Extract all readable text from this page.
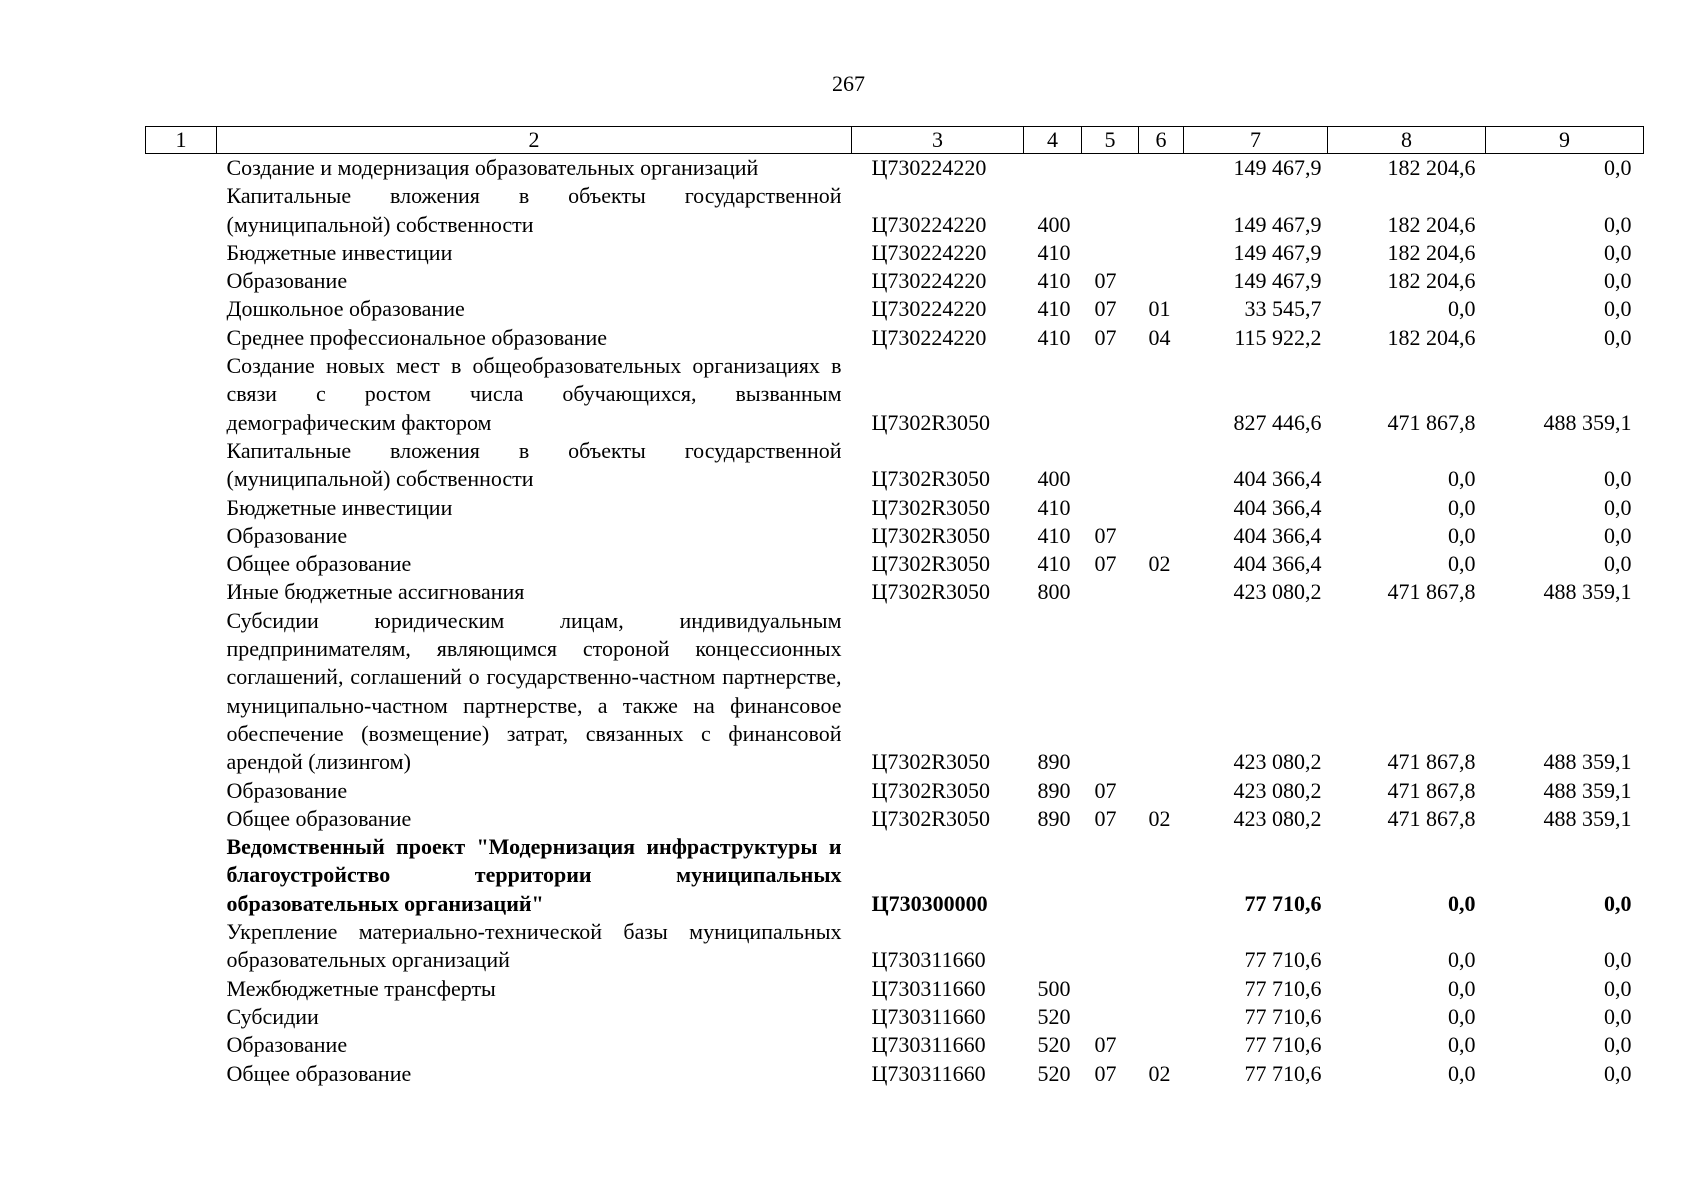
267
1	2	3	4	5	6	7	8	9
	Создание и модернизация образовательных организаций	Ц730224220				149 467,9	182 204,6	0,0
	Капитальные вложения в объекты государственной (муниципальной) собственности	Ц730224220	400			149 467,9	182 204,6	0,0
	Бюджетные инвестиции	Ц730224220	410			149 467,9	182 204,6	0,0
	Образование	Ц730224220	410	07		149 467,9	182 204,6	0,0
	Дошкольное образование	Ц730224220	410	07	01	33 545,7	0,0	0,0
	Среднее профессиональное образование	Ц730224220	410	07	04	115 922,2	182 204,6	0,0
	Создание новых мест в общеобразовательных организациях в связи с ростом числа обучающихся, вызванным демографическим фактором	Ц7302R3050				827 446,6	471 867,8	488 359,1
	Капитальные вложения в объекты государственной (муниципальной) собственности	Ц7302R3050	400			404 366,4	0,0	0,0
	Бюджетные инвестиции	Ц7302R3050	410			404 366,4	0,0	0,0
	Образование	Ц7302R3050	410	07		404 366,4	0,0	0,0
	Общее образование	Ц7302R3050	410	07	02	404 366,4	0,0	0,0
	Иные бюджетные ассигнования	Ц7302R3050	800			423 080,2	471 867,8	488 359,1
	Субсидии юридическим лицам, индивидуальным предпринимателям, являющимся стороной концессионных соглашений, соглашений о государственно-частном партнерстве, муниципально-частном партнерстве, а также на финансовое обеспечение (возмещение) затрат, связанных с финансовой арендой (лизингом)	Ц7302R3050	890			423 080,2	471 867,8	488 359,1
	Образование	Ц7302R3050	890	07		423 080,2	471 867,8	488 359,1
	Общее образование	Ц7302R3050	890	07	02	423 080,2	471 867,8	488 359,1
	Ведомственный проект "Модернизация инфраструктуры и благоустройство территории муниципальных образовательных организаций"	Ц730300000				77 710,6	0,0	0,0
	Укрепление материально-технической базы муниципальных образовательных организаций	Ц730311660				77 710,6	0,0	0,0
	Межбюджетные трансферты	Ц730311660	500			77 710,6	0,0	0,0
	Субсидии	Ц730311660	520			77 710,6	0,0	0,0
	Образование	Ц730311660	520	07		77 710,6	0,0	0,0
	Общее образование	Ц730311660	520	07	02	77 710,6	0,0	0,0
